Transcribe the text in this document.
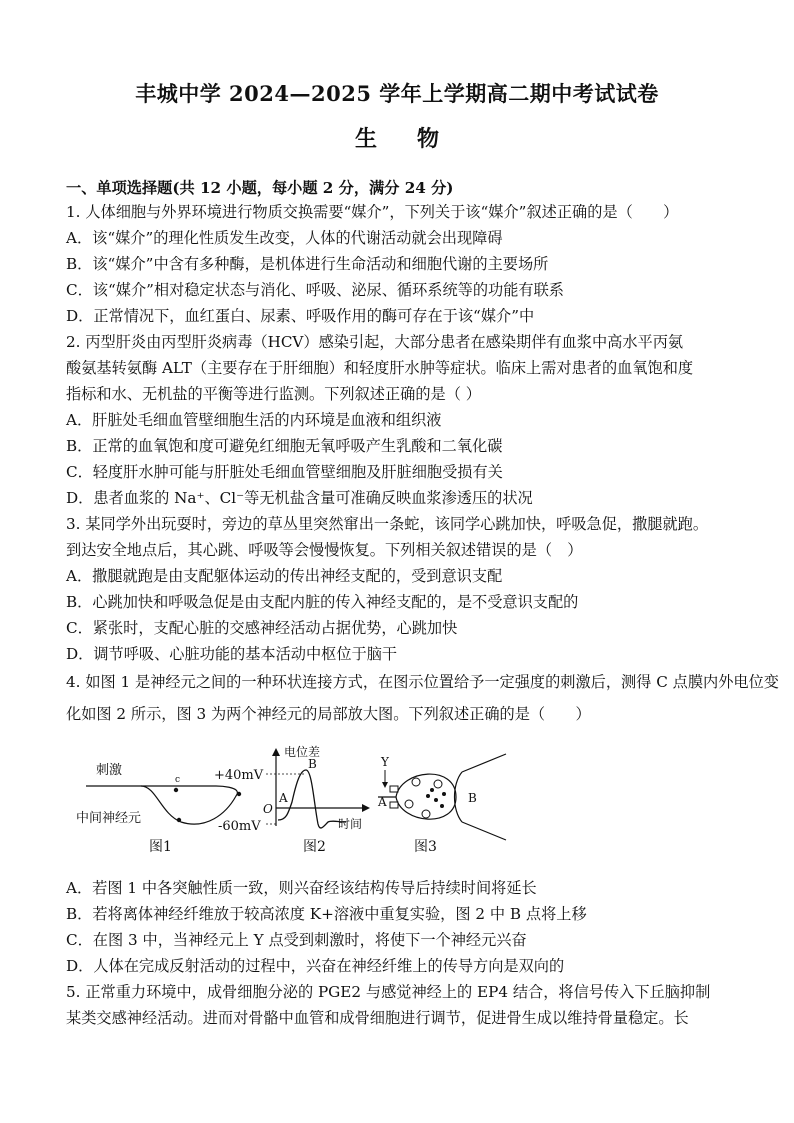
丰城中学 2024—2025 学年上学期高二期中考试试卷
生物
一、单项选择题(共 12 小题，每小题 2 分，满分 24 分)
1. 人体细胞与外界环境进行物质交换需要“媒介”，下列关于该“媒介”叙述正确的是（　　）
A．该“媒介”的理化性质发生改变，人体的代谢活动就会出现障碍
B．该“媒介”中含有多种酶，是机体进行生命活动和细胞代谢的主要场所
C．该“媒介”相对稳定状态与消化、呼吸、泌尿、循环系统等的功能有联系
D．正常情况下，血红蛋白、尿素、呼吸作用的酶可存在于该“媒介”中
2. 丙型肝炎由丙型肝炎病毒（HCV）感染引起，大部分患者在感染期伴有血浆中高水平丙氨
酸氨基转氨酶 ALT（主要存在于肝细胞）和轻度肝水肿等症状。临床上需对患者的血氧饱和度
指标和水、无机盐的平衡等进行监测。下列叙述正确的是（ ）
A．肝脏处毛细血管壁细胞生活的内环境是血液和组织液
B．正常的血氧饱和度可避免红细胞无氧呼吸产生乳酸和二氧化碳
C．轻度肝水肿可能与肝脏处毛细血管壁细胞及肝脏细胞受损有关
D．患者血浆的 Na⁺、Cl⁻等无机盐含量可准确反映血浆渗透压的状况
3. 某同学外出玩耍时，旁边的草丛里突然窜出一条蛇，该同学心跳加快，呼吸急促，撒腿就跑。
到达安全地点后，其心跳、呼吸等会慢慢恢复。下列相关叙述错误的是（　）
A．撒腿就跑是由支配躯体运动的传出神经支配的，受到意识支配
B．心跳加快和呼吸急促是由支配内脏的传入神经支配的，是不受意识支配的
C．紧张时，支配心脏的交感神经活动占据优势，心跳加快
D．调节呼吸、心脏功能的基本活动中枢位于脑干
4. 如图 1 是神经元之间的一种环状连接方式，在图示位置给予一定强度的刺激后，测得 C 点膜内外电位变
化如图 2 所示，图 3 为两个神经元的局部放大图。下列叙述正确的是（　　）
A．若图 1 中各突触性质一致，则兴奋经该结构传导后持续时间将延长
B．若将离体神经纤维放于较高浓度 K+溶液中重复实验，图 2 中 B 点将上移
C．在图 3 中，当神经元上 Y 点受到刺激时，将使下一个神经元兴奋
D．人体在完成反射活动的过程中，兴奋在神经纤维上的传导方向是双向的
5. 正常重力环境中，成骨细胞分泌的 PGE2 与感觉神经上的 EP4 结合，将信号传入下丘脑抑制
某类交感神经活动。进而对骨骼中血管和成骨细胞进行调节，促进骨生成以维持骨量稳定。长
刺激
c
中间神经元
图1
电位差
+40mV
-60mV
O
时间
A
B
图2
Y
A	B
图3
